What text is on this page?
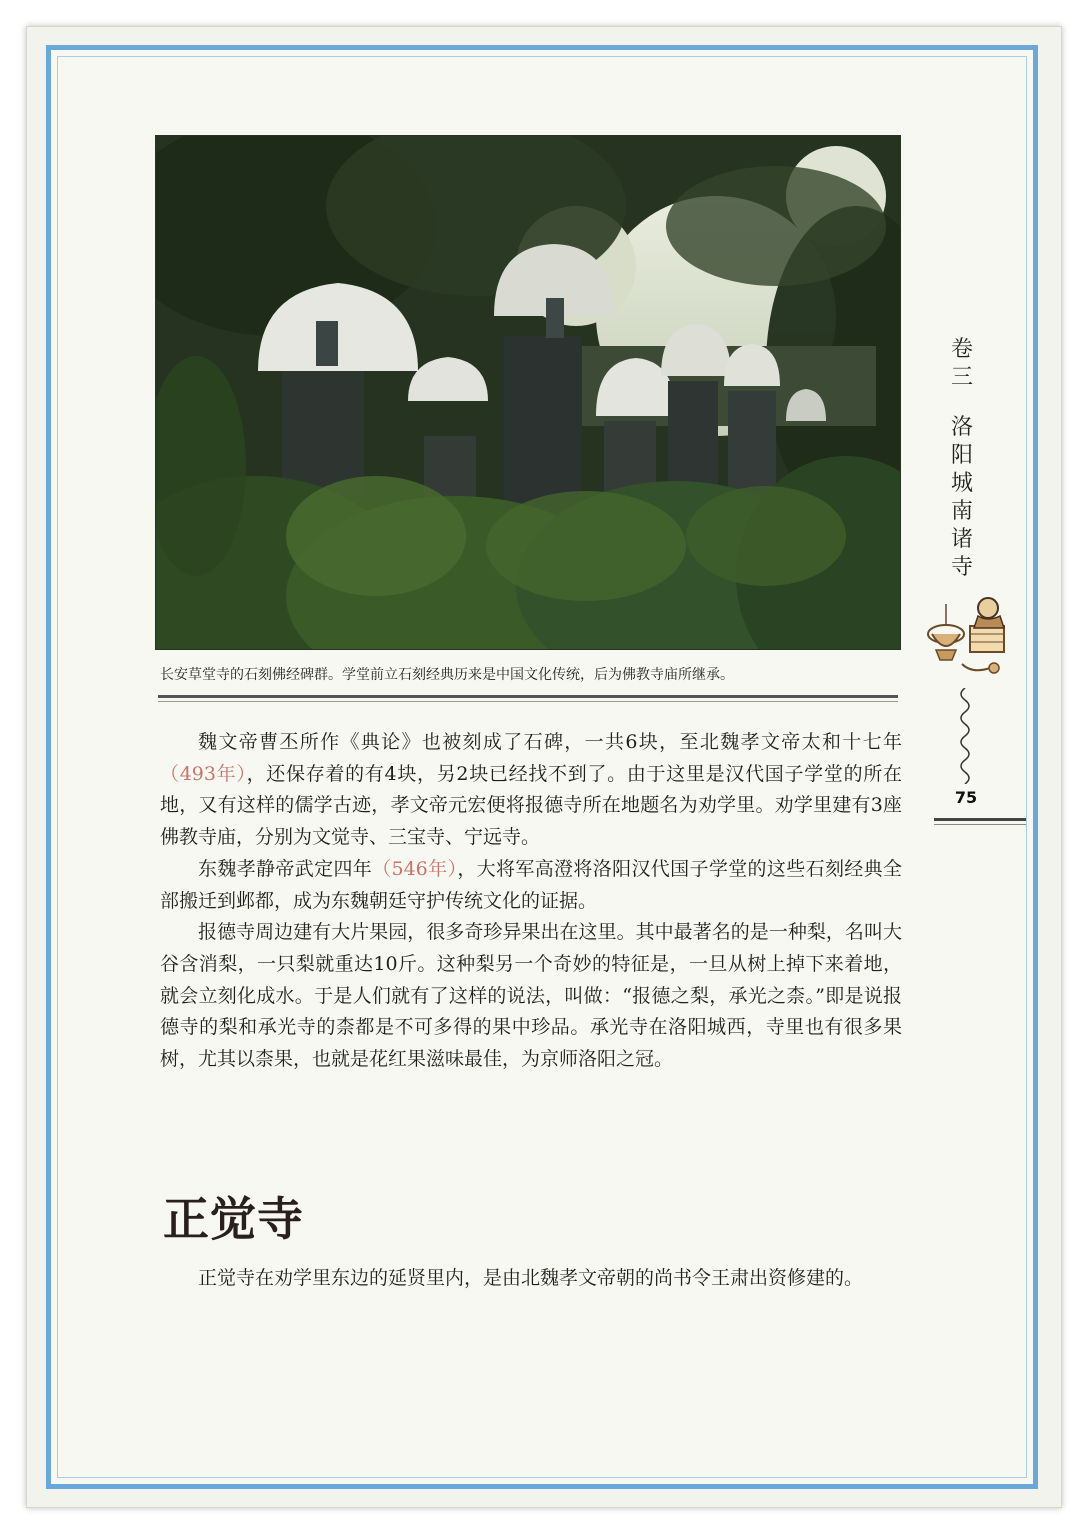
长安草堂寺的石刻佛经碑群。学堂前立石刻经典历来是中国文化传统，后为佛教寺庙所继承。

魏文帝曹丕所作《典论》也被刻成了石碑，一共6块，至北魏孝文帝太和十七年（493年），还保存着的有4块，另2块已经找不到了。由于这里是汉代国子学堂的所在地，又有这样的儒学古迹，孝文帝元宏便将报德寺所在地题名为劝学里。劝学里建有3座佛教寺庙，分别为文觉寺、三宝寺、宁远寺。

东魏孝静帝武定四年（546年），大将军高澄将洛阳汉代国子学堂的这些石刻经典全部搬迁到邺都，成为东魏朝廷守护传统文化的证据。

报德寺周边建有大片果园，很多奇珍异果出在这里。其中最著名的是一种梨，名叫大谷含消梨，一只梨就重达10斤。这种梨另一个奇妙的特征是，一旦从树上掉下来着地，就会立刻化成水。于是人们就有了这样的说法，叫做：“报德之梨，承光之柰。”即是说报德寺的梨和承光寺的柰都是不可多得的果中珍品。承光寺在洛阳城西，寺里也有很多果树，尤其以柰果，也就是花红果滋味最佳，为京师洛阳之冠。

正觉寺

正觉寺在劝学里东边的延贤里内，是由北魏孝文帝朝的尚书令王肃出资修建的。

卷三
洛阳城南诸寺
75
